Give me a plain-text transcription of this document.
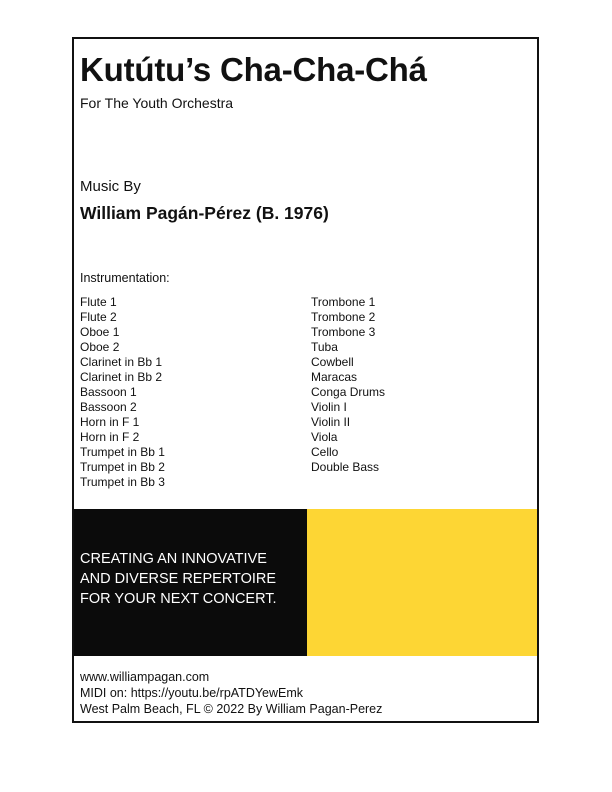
Kutútu’s Cha-Cha-Chá
For The Youth Orchestra
Music By
William Pagán-Pérez (B. 1976)
Instrumentation:
Flute 1
Flute 2
Oboe 1
Oboe 2
Clarinet in Bb 1
Clarinet in Bb 2
Bassoon 1
Bassoon 2
Horn in F 1
Horn in F 2
Trumpet in Bb 1
Trumpet in Bb 2
Trumpet in Bb 3
Trombone 1
Trombone 2
Trombone 3
Tuba
Cowbell
Maracas
Conga Drums
Violin I
Violin II
Viola
Cello
Double Bass
CREATING AN INNOVATIVE
AND DIVERSE REPERTOIRE
FOR YOUR NEXT CONCERT.
www.williampagan.com
MIDI on: https://youtu.be/rpATDYewEmk
West Palm Beach, FL © 2022 By William Pagan-Perez
